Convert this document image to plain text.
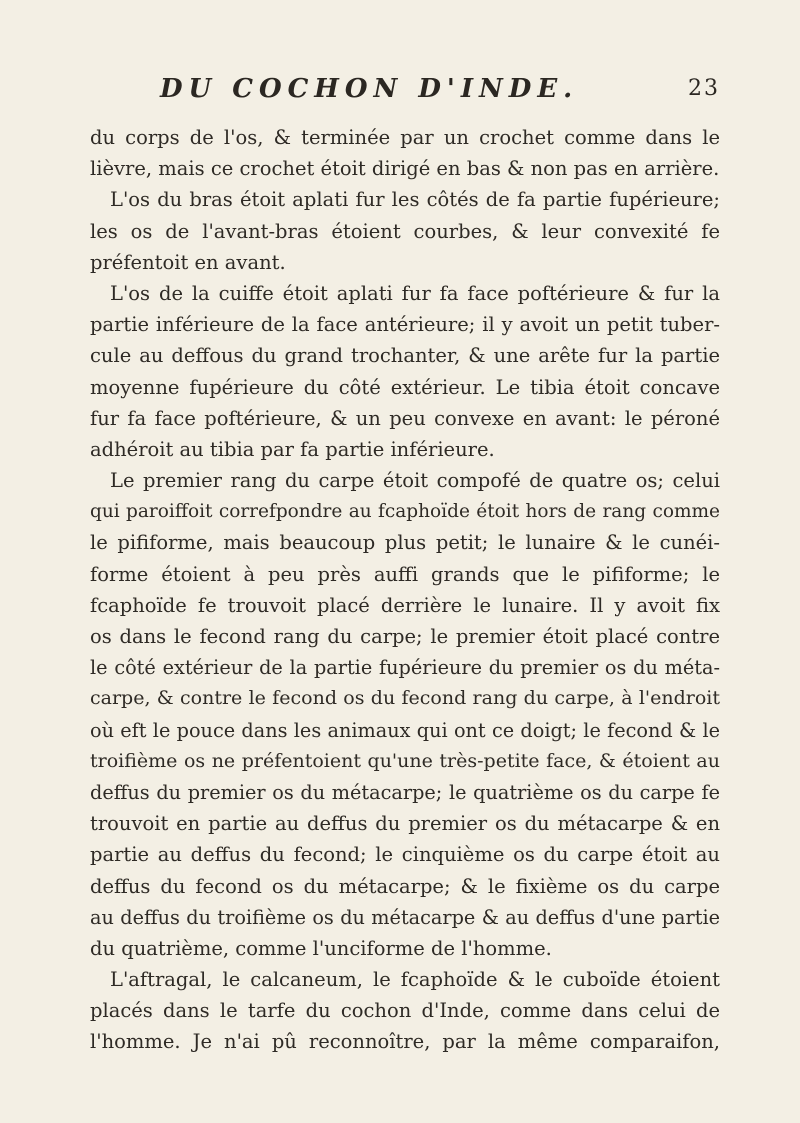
DU COCHON D'INDE.	23
du corps de l'os, & terminée par un crochet comme dans le
lièvre, mais ce crochet étoit dirigé en bas & non pas en arrière.
L'os du bras étoit aplati fur les côtés de fa partie fupérieure;
les os de l'avant-bras étoient courbes, & leur convexité fe
préfentoit en avant.
L'os de la cuiffe étoit aplati fur fa face poftérieure & fur la
partie inférieure de la face antérieure; il y avoit un petit tuber-
cule au deffous du grand trochanter, & une arête fur la partie
moyenne fupérieure du côté extérieur. Le tibia étoit concave
fur fa face poftérieure, & un peu convexe en avant: le péroné
adhéroit au tibia par fa partie inférieure.
Le premier rang du carpe étoit compofé de quatre os; celui
qui paroiffoit correfpondre au fcaphoïde étoit hors de rang comme
le pififorme, mais beaucoup plus petit; le lunaire & le cunéi-
forme étoient à peu près auffi grands que le pififorme; le
fcaphoïde fe trouvoit placé derrière le lunaire. Il y avoit fix
os dans le fecond rang du carpe; le premier étoit placé contre
le côté extérieur de la partie fupérieure du premier os du méta-
carpe, & contre le fecond os du fecond rang du carpe, à l'endroit
où eft le pouce dans les animaux qui ont ce doigt; le fecond & le
troifième os ne préfentoient qu'une très-petite face, & étoient au
deffus du premier os du métacarpe; le quatrième os du carpe fe
trouvoit en partie au deffus du premier os du métacarpe & en
partie au deffus du fecond; le cinquième os du carpe étoit au
deffus du fecond os du métacarpe; & le fixième os du carpe
au deffus du troifième os du métacarpe & au deffus d'une partie
du quatrième, comme l'unciforme de l'homme.
L'aftragal, le calcaneum, le fcaphoïde & le cuboïde étoient
placés dans le tarfe du cochon d'Inde, comme dans celui de
l'homme. Je n'ai pû reconnoître, par la même comparaifon,
